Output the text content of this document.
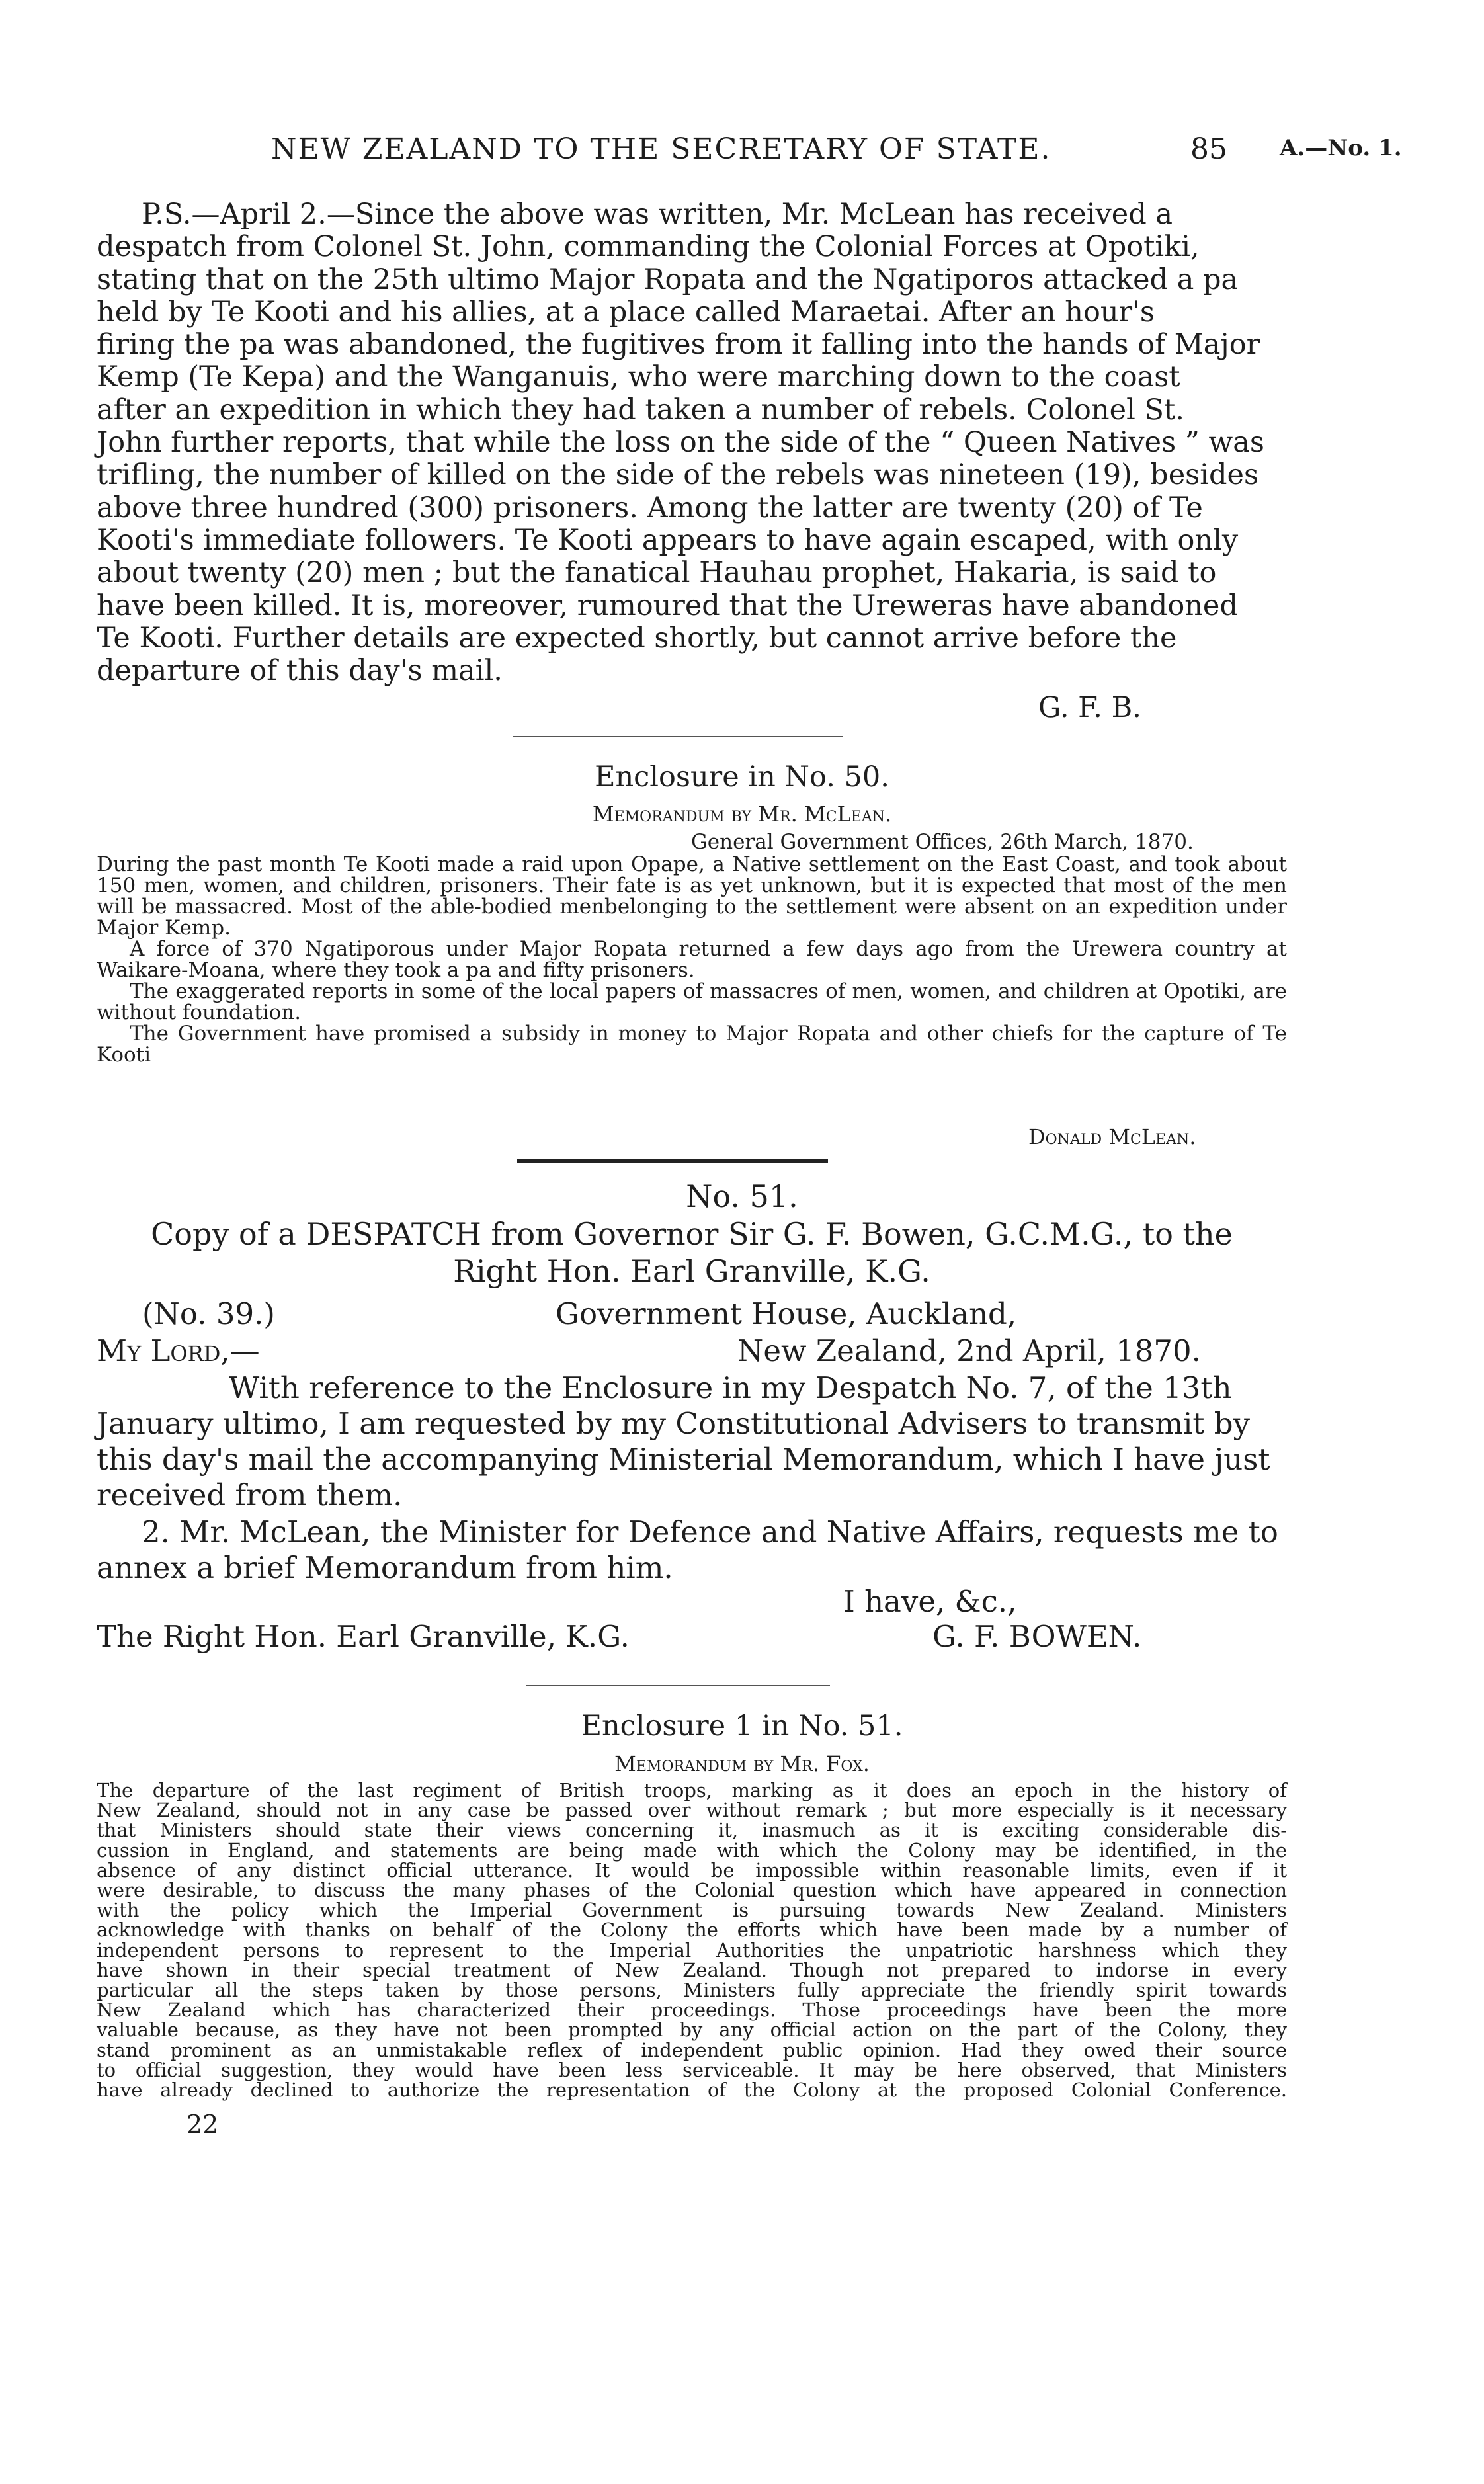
NEW ZEALAND TO THE SECRETARY OF STATE.	85 A.—No. 1.
P.S.—April 2.—Since the above was written, Mr. McLean has received a
despatch from Colonel St. John, commanding the Colonial Forces at Opotiki,
stating that on the 25th ultimo Major Ropata and the Ngatiporos attacked a pa
held by Te Kooti and his allies, at a place called Maraetai. After an hour's
firing the pa was abandoned, the fugitives from it falling into the hands of Major
Kemp (Te Kepa) and the Wanganuis, who were marching down to the coast
after an expedition in which they had taken a number of rebels. Colonel St.
John further reports, that while the loss on the side of the “ Queen Natives ” was
trifling, the number of killed on the side of the rebels was nineteen (19), besides
above three hundred (300) prisoners. Among the latter are twenty (20) of Te
Kooti's immediate followers. Te Kooti appears to have again escaped, with only
about twenty (20) men ; but the fanatical Hauhau prophet, Hakaria, is said to
have been killed. It is, moreover, rumoured that the Ureweras have abandoned
Te Kooti. Further details are expected shortly, but cannot arrive before the
departure of this day's mail.
G. F. B.
Enclosure in No. 50.
Memorandum by Mr. McLean.
General Government Offices, 26th March, 1870.

During the past month Te Kooti made a raid upon Opape, a Native settlement on the East Coast, and took about 150 men, women, and children, prisoners. Their fate is as yet unknown, but it is expected that most of the men will be massacred. Most of the able-bodied menbelonging to the settlement were absent on an expedition under Major Kemp.

A force of 370 Ngatiporous under Major Ropata returned a few days ago from the Urewera country at Waikare-Moana, where they took a pa and fifty prisoners.

The exaggerated reports in some of the local papers of massacres of men, women, and children at Opotiki, are without foundation.

The Government have promised a subsidy in money to Major Ropata and other chiefs for the capture of Te Kooti

Donald McLean.
No. 51.
Copy of a DESPATCH from Governor Sir G. F. Bowen, G.C.M.G., to the
Right Hon. Earl Granville, K.G.
(No. 39.)	Government House, Auckland,
My Lord,—	New Zealand, 2nd April, 1870.
With reference to the Enclosure in my Despatch No. 7, of the 13th
January ultimo, I am requested by my Constitutional Advisers to transmit by
this day's mail the accompanying Ministerial Memorandum, which I have just
received from them.
2. Mr. McLean, the Minister for Defence and Native Affairs, requests me to
annex a brief Memorandum from him.
I have, &c.,
The Right Hon. Earl Granville, K.G.	G. F. BOWEN.
Enclosure 1 in No. 51.
Memorandum by Mr. Fox.
The departure of the last regiment of British troops, marking as it does an epoch in the history of
New Zealand, should not in any case be passed over without remark ; but more especially is it necessary
that Ministers should state their views concerning it, inasmuch as it is exciting considerable dis-
cussion in England, and statements are being made with which the Colony may be identified, in the
absence of any distinct official utterance. It would be impossible within reasonable limits, even if it
were desirable, to discuss the many phases of the Colonial question which have appeared in connection
with the policy which the Imperial Government is pursuing towards New Zealand. Ministers
acknowledge with thanks on behalf of the Colony the efforts which have been made by a number of
independent persons to represent to the Imperial Authorities the unpatriotic harshness which they
have shown in their special treatment of New Zealand. Though not prepared to indorse in every
particular all the steps taken by those persons, Ministers fully appreciate the friendly spirit towards
New Zealand which has characterized their proceedings. Those proceedings have been the more
valuable because, as they have not been prompted by any official action on the part of the Colony, they
stand prominent as an unmistakable reflex of independent public opinion. Had they owed their source
to official suggestion, they would have been less serviceable. It may be here observed, that Ministers
have already declined to authorize the representation of the Colony at the proposed Colonial Conference.
22
